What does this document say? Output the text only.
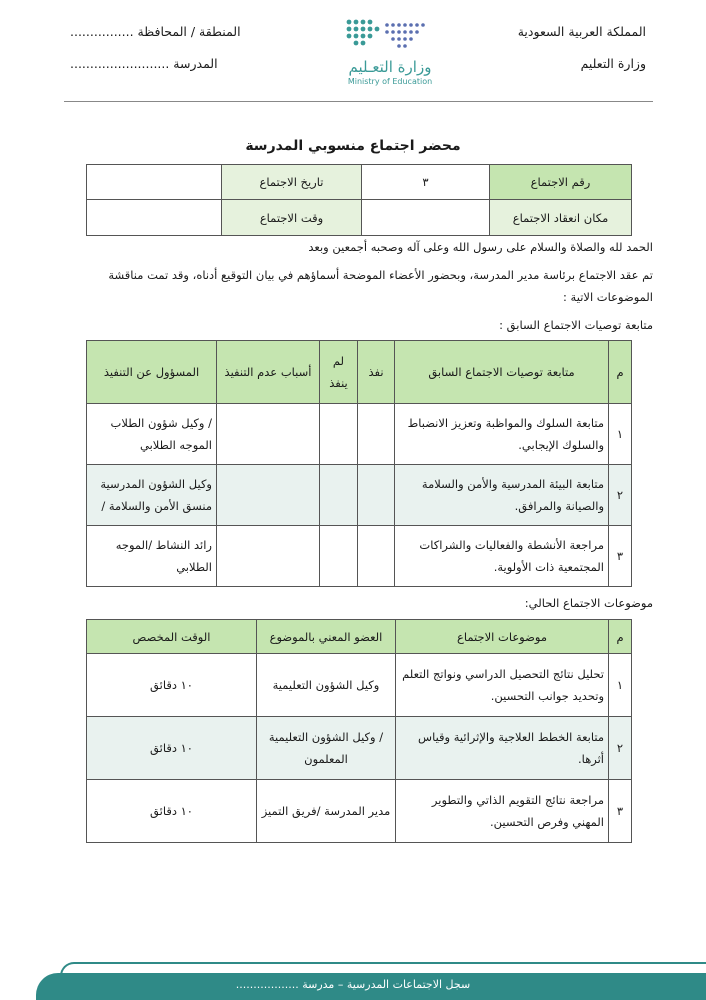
المملكة العربية السعودية
وزارة التعليم
المنطقة / المحافظة ................
المدرسة .........................	وزارة التعـليم
Ministry of Education
محضر اجتماع منسوبي المدرسة
رقم الاجتماع	٣	تاريخ الاجتماع	
مكان انعقاد الاجتماع		وقت الاجتماع	
الحمد لله والصلاة والسلام على رسول الله وعلى آله وصحبه أجمعين وبعد
تم عقد الاجتماع برئاسة مدير المدرسة، وبحضور الأعضاء الموضحة أسماؤهم في بيان التوقيع أدناه، وقد تمت مناقشة الموضوعات الاتية :
متابعة توصيات الاجتماع السابق :
م	متابعة توصيات الاجتماع السابق	نفذ	لم ينفذ	أسباب عدم التنفيذ	المسؤول عن التنفيذ
١	متابعة السلوك والمواظبة وتعزيز الانضباط والسلوك الإيجابي.				/ وكيل شؤون الطلاب الموجه الطلابي
٢	متابعة البيئة المدرسية والأمن والسلامة والصيانة والمرافق.				وكيل الشؤون المدرسية منسق الأمن والسلامة /
٣	مراجعة الأنشطة والفعاليات والشراكات المجتمعية ذات الأولوية.				رائد النشاط /الموجه الطلابي
موضوعات الاجتماع الحالي:
م	موضوعات الاجتماع	العضو المعني بالموضوع	الوقت المخصص
١	تحليل نتائج التحصيل الدراسي ونواتج التعلم وتحديد جوانب التحسين.	وكيل الشؤون التعليمية	١٠ دقائق
٢	متابعة الخطط العلاجية والإثرائية وقياس أثرها.	/ وكيل الشؤون التعليمية المعلمون	١٠ دقائق
٣	مراجعة نتائج التقويم الذاتي والتطوير المهني وفرص التحسين.	مدير المدرسة /فريق التميز	١٠ دقائق
سجل الاجتماعات المدرسية – مدرسة ..................
